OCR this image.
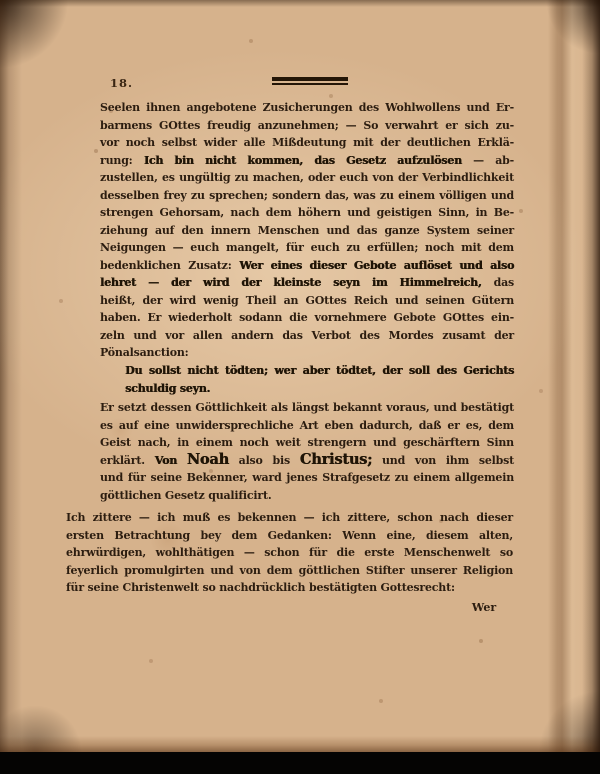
18.
Seelen ihnen angebotene Zusicherungen des Wohlwollens und Er-
barmens GOttes freudig anzunehmen; — So verwahrt er sich zu-
vor noch selbst wider alle Mißdeutung mit der deutlichen Erklä-
rung: Ich bin nicht kommen, das Gesetz aufzulösen — ab-
zustellen, es ungültig zu machen, oder euch von der Verbindlichkeit
desselben frey zu sprechen; sondern das, was zu einem völligen und
strengen Gehorsam, nach dem höhern und geistigen Sinn, in Be-
ziehung auf den innern Menschen und das ganze System seiner
Neigungen — euch mangelt, für euch zu erfüllen; noch mit dem
bedenklichen Zusatz: Wer eines dieser Gebote auflöset und also
lehret — der wird der kleinste seyn im Himmelreich, das
heißt, der wird wenig Theil an GOttes Reich und seinen Gütern
haben. Er wiederholt sodann die vornehmere Gebote GOttes ein-
zeln und vor allen andern das Verbot des Mordes zusamt der
Pönalsanction:
Du sollst nicht tödten; wer aber tödtet, der soll des Gerichts
schuldig seyn.
Er setzt dessen Göttlichkeit als längst bekannt voraus, und bestätigt
es auf eine unwidersprechliche Art eben dadurch, daß er es, dem
Geist nach, in einem noch weit strengern und geschärftern Sinn
erklärt. Von Noah also bis Christus; und von ihm selbst
und für seine Bekenner, ward jenes Strafgesetz zu einem allgemein
göttlichen Gesetz qualificirt.
Ich zittere — ich muß es bekennen — ich zittere, schon nach dieser
ersten Betrachtung bey dem Gedanken: Wenn eine, diesem alten,
ehrwürdigen, wohlthätigen — schon für die erste Menschenwelt so
feyerlich promulgirten und von dem göttlichen Stifter unserer Religion
für seine Christenwelt so nachdrücklich bestätigten Gottesrecht:
Wer
